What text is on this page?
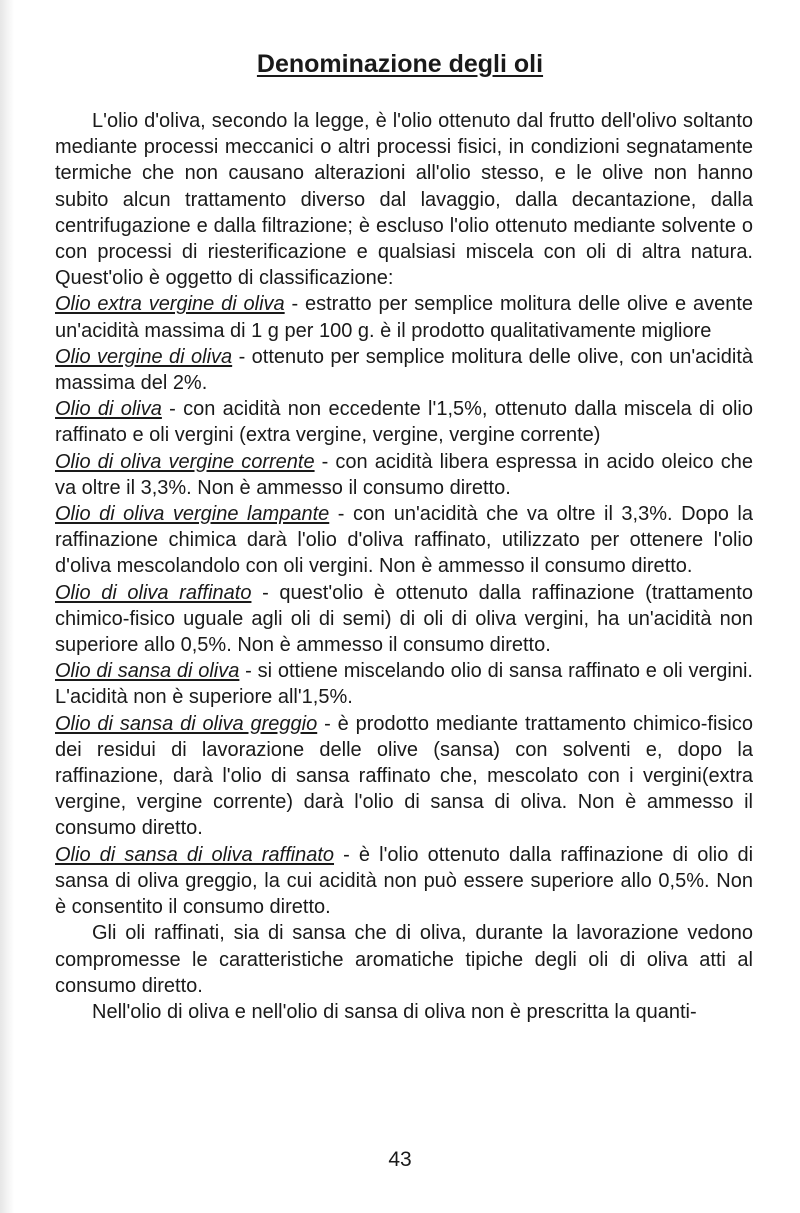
Denominazione degli oli

L'olio d'oliva, secondo la legge, è l'olio ottenuto dal frutto dell'olivo soltanto mediante processi meccanici o altri processi fisici, in condizioni segnatamente termiche che non causano alterazioni all'olio stesso, e le olive non hanno subito alcun trattamento diverso dal lavaggio, dalla decantazione, dalla centrifugazione e dalla filtrazione; è escluso l'olio ottenuto mediante solvente o con processi di riesterificazione e qualsiasi miscela con oli di altra natura. Quest'olio è oggetto di classificazione:

Olio extra vergine di oliva - estratto per semplice molitura delle olive e avente un'acidità massima di 1 g per 100 g. è il prodotto qualitativamente migliore

Olio vergine di oliva - ottenuto per semplice molitura delle olive, con un'acidità massima del 2%.

Olio di oliva - con acidità non eccedente l'1,5%, ottenuto dalla miscela di olio raffinato e oli vergini (extra vergine, vergine, vergine corrente)

Olio di oliva vergine corrente - con acidità libera espressa in acido oleico che va oltre il 3,3%. Non è ammesso il consumo diretto.

Olio di oliva vergine lampante - con un'acidità che va oltre il 3,3%. Dopo la raffinazione chimica darà l'olio d'oliva raffinato, utilizzato per ottenere l'olio d'oliva mescolandolo con oli vergini. Non è ammesso il consumo diretto.

Olio di oliva raffinato - quest'olio è ottenuto dalla raffinazione (trattamento chimico-fisico uguale agli oli di semi) di oli di oliva vergini, ha un'acidità non superiore allo 0,5%. Non è ammesso il consumo diretto.

Olio di sansa di oliva - si ottiene miscelando olio di sansa raffinato e oli vergini. L'acidità non è superiore all'1,5%.

Olio di sansa di oliva greggio - è prodotto mediante trattamento chimico-fisico dei residui di lavorazione delle olive (sansa) con solventi e, dopo la raffinazione, darà l'olio di sansa raffinato che, mescolato con i vergini(extra vergine, vergine corrente) darà l'olio di sansa di oliva. Non è ammesso il consumo diretto.

Olio di sansa di oliva raffinato - è l'olio ottenuto dalla raffinazione di olio di sansa di oliva greggio, la cui acidità non può essere superiore allo 0,5%. Non è consentito il consumo diretto.

Gli oli raffinati, sia di sansa che di oliva, durante la lavorazione vedono compromesse le caratteristiche aromatiche tipiche degli oli di oliva atti al consumo diretto.

Nell'olio di oliva e nell'olio di sansa di oliva non è prescritta la quanti-

43
